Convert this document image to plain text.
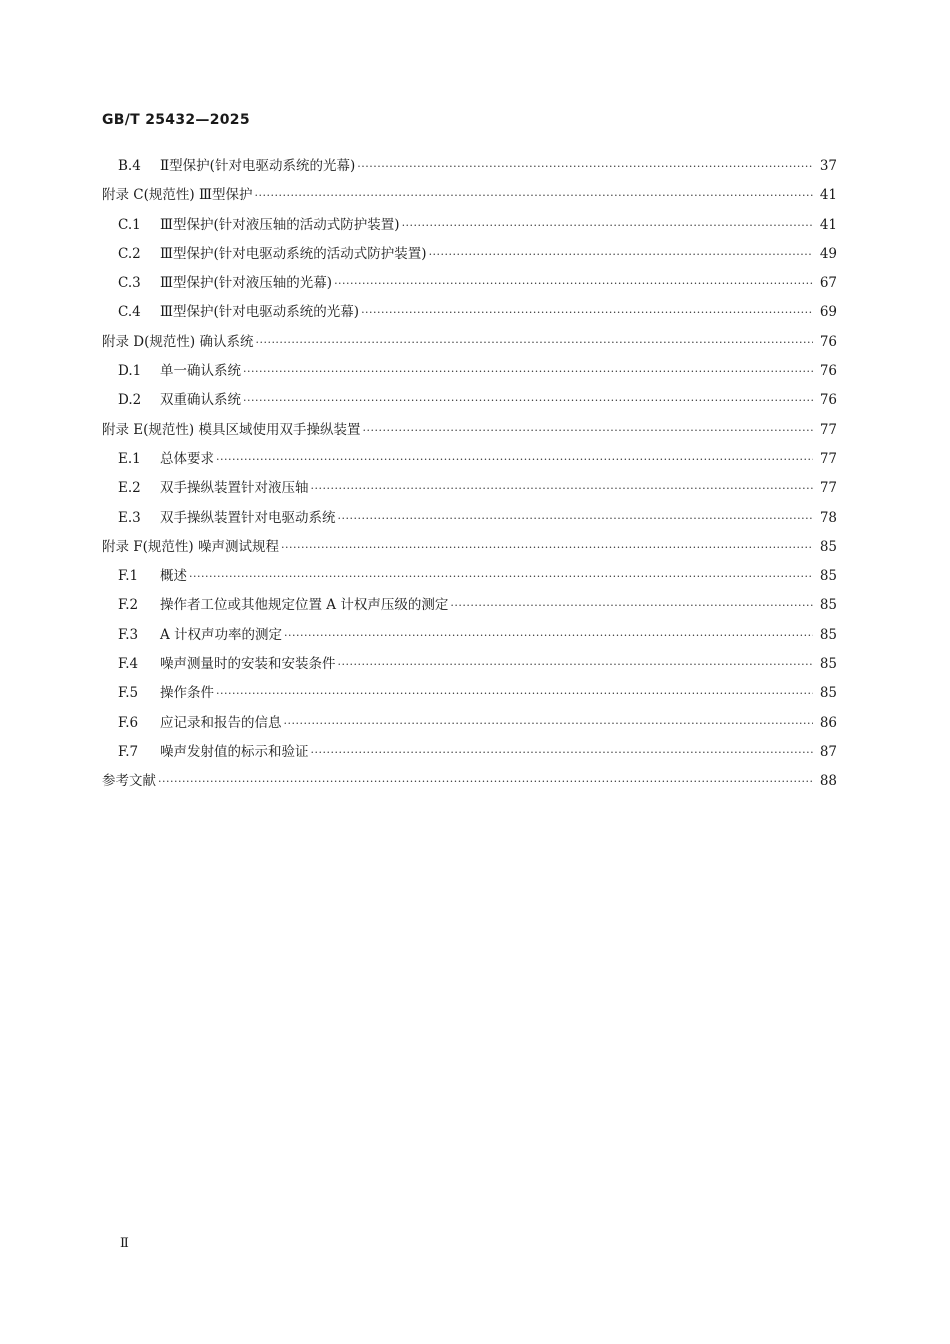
GB/T 25432—2025
B.4	Ⅱ型保护(针对电驱动系统的光幕) ·····	37
附录 C(规范性) Ⅲ型保护 ·····	41
C.1	Ⅲ型保护(针对液压轴的活动式防护装置) ·····	41
C.2	Ⅲ型保护(针对电驱动系统的活动式防护装置) ·····	49
C.3	Ⅲ型保护(针对液压轴的光幕) ·····	67
C.4	Ⅲ型保护(针对电驱动系统的光幕) ·····	69
附录 D(规范性) 确认系统 ·····	76
D.1	单一确认系统 ·····	76
D.2	双重确认系统 ·····	76
附录 E(规范性) 模具区域使用双手操纵装置 ·····	77
E.1	总体要求 ·····	77
E.2	双手操纵装置针对液压轴 ·····	77
E.3	双手操纵装置针对电驱动系统 ·····	78
附录 F(规范性) 噪声测试规程 ·····	85
F.1	概述 ·····	85
F.2	操作者工位或其他规定位置 A 计权声压级的测定 ·····	85
F.3	A 计权声功率的测定 ·····	85
F.4	噪声测量时的安装和安装条件 ·····	85
F.5	操作条件 ·····	85
F.6	应记录和报告的信息 ·····	86
F.7	噪声发射值的标示和验证 ·····	87
参考文献 ·····	88
Ⅱ
